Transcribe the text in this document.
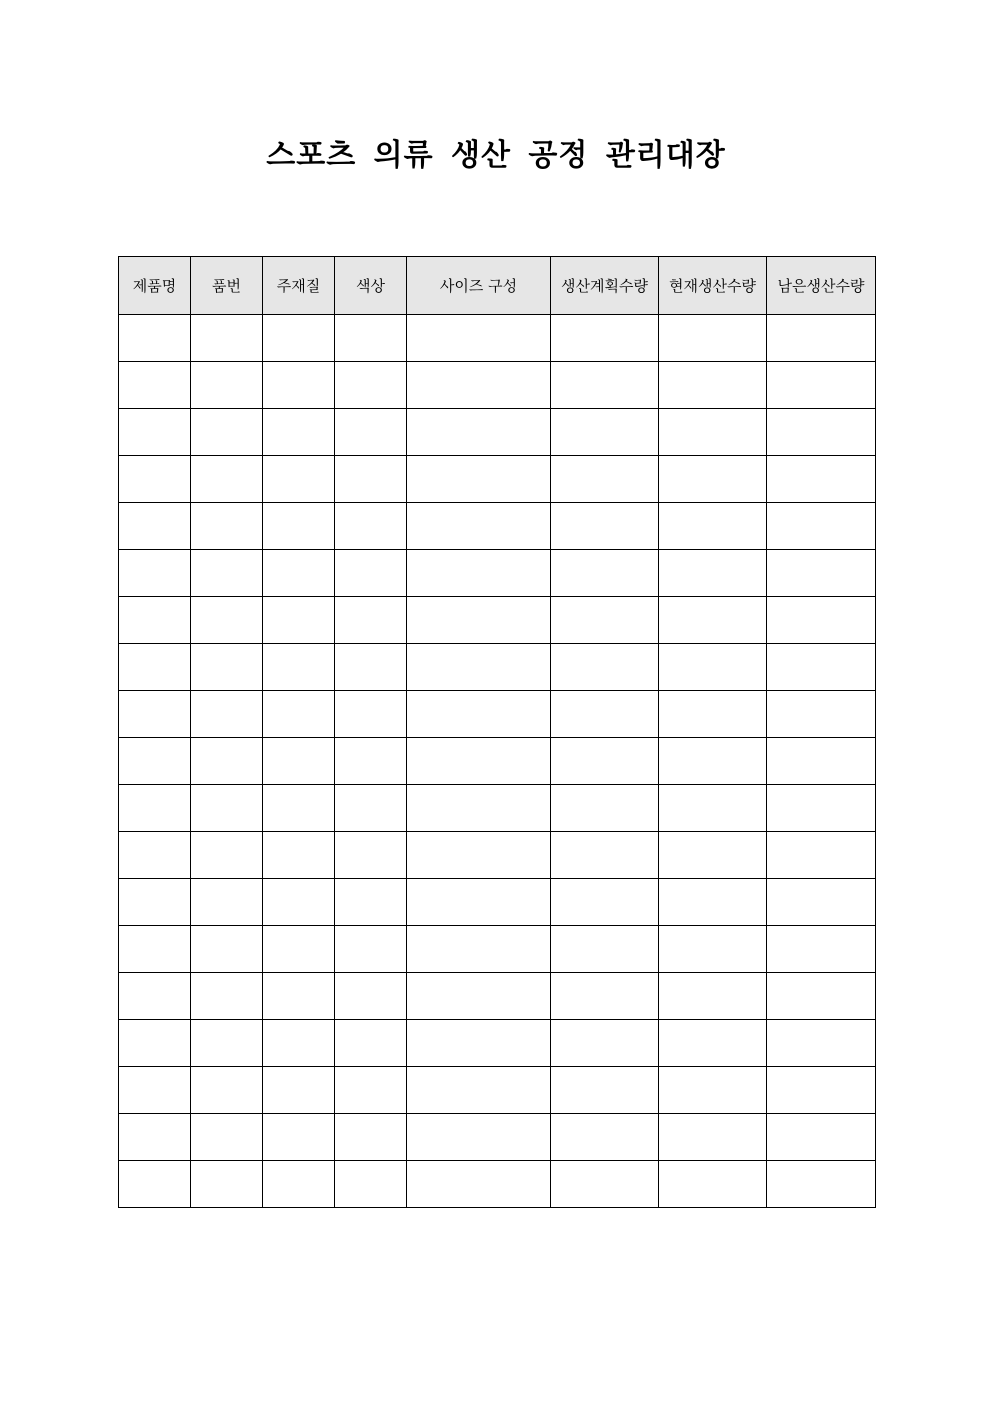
스포츠 의류 생산 공정 관리대장
제품명	품번	주재질	색상	사이즈 구성	생산계획수량	현재생산수량	남은생산수량
